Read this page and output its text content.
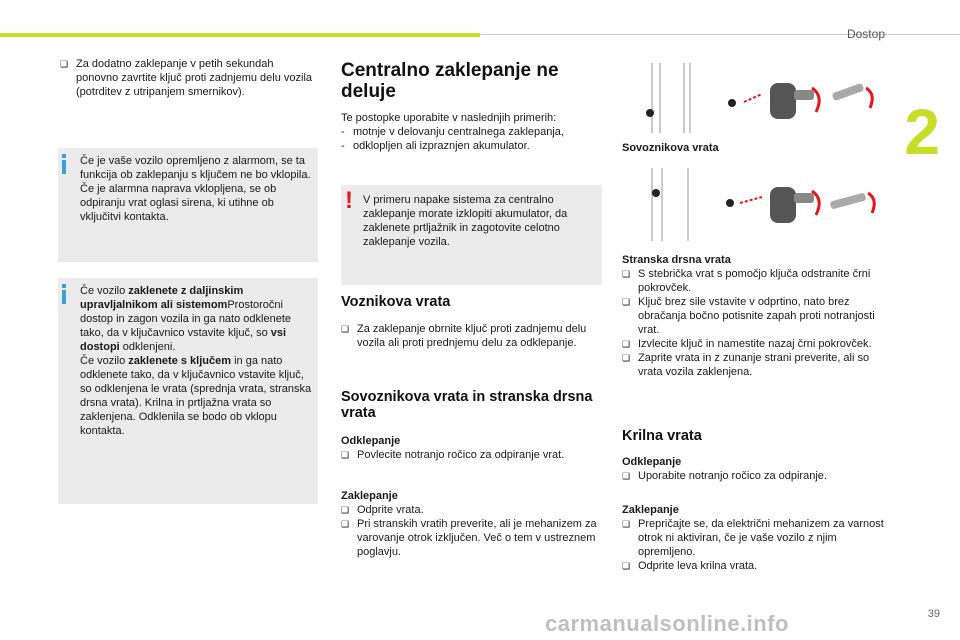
Dostop
2
❑ Za dodatno zaklepanje v petih sekundah ponovno zavrtite ključ proti zadnjemu delu vozila (potrditev z utripanjem smernikov).
Če je vaše vozilo opremljeno z alarmom, se ta funkcija ob zaklepanju s ključem ne bo vklopila.
Če je alarmna naprava vklopljena, se ob odpiranju vrat oglasi sirena, ki utihne ob vključitvi kontakta.
Če vozilo zaklenete z daljinskim upravljalnikom ali sistemomProstoročni dostop in zagon vozila in ga nato odklenete tako, da v ključavnico vstavite ključ, so vsi dostopi odklenjeni.
Če vozilo zaklenete s ključem in ga nato odklenete tako, da v ključavnico vstavite ključ, so odklenjena le vrata (sprednja vrata, stranska drsna vrata). Krilna in prtljažna vrata so zaklenjena. Odklenila se bodo ob vklopu kontakta.
Centralno zaklepanje ne deluje
Te postopke uporabite v naslednjih primerih:
- motnje v delovanju centralnega zaklepanja,
- odklopljen ali izpraznjen akumulator.
! V primeru napake sistema za centralno zaklepanje morate izklopiti akumulator, da zaklenete prtljažnik in zagotovite celotno zaklepanje vozila.
Voznikova vrata
❑ Za zaklepanje obrnite ključ proti zadnjemu delu vozila ali proti prednjemu delu za odklepanje.
Sovoznikova vrata in stranska drsna vrata
Odklepanje
❑ Povlecite notranjo ročico za odpiranje vrat.
Zaklepanje
❑ Odprite vrata.
❑ Pri stranskih vratih preverite, ali je mehanizem za varovanje otrok izključen. Več o tem v ustreznem poglavju.
Sovoznikova vrata
Stranska drsna vrata
❑ S stebrička vrat s pomočjo ključa odstranite črni pokrovček.
❑ Ključ brez sile vstavite v odprtino, nato brez obračanja bočno potisnite zapah proti notranjosti vrat.
❑ Izvlecite ključ in namestite nazaj črni pokrovček.
❑ Zaprite vrata in z zunanje strani preverite, ali so vrata vozila zaklenjena.
Krilna vrata
Odklepanje
❑ Uporabite notranjo ročico za odpiranje.
Zaklepanje
❑ Prepričajte se, da električni mehanizem za varnost otrok ni aktiviran, če je vaše vozilo z njim opremljeno.
❑ Odprite leva krilna vrata.
carmanualsonline.info	39
